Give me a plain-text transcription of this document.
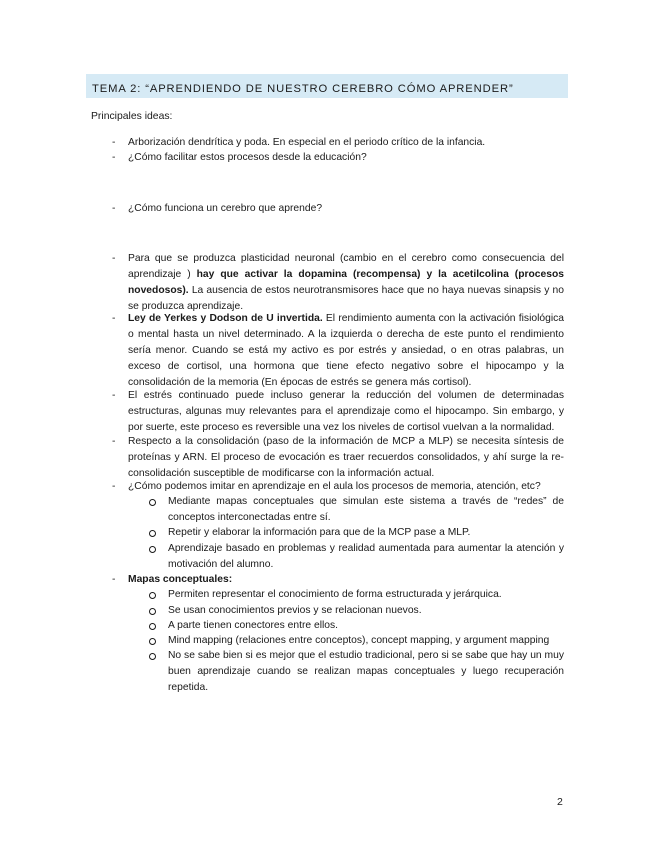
TEMA 2: “APRENDIENDO DE NUESTRO CEREBRO CÓMO APRENDER”
Principales ideas:
- Arborización dendrítica y poda. En especial en el periodo crítico de la infancia.

- ¿Cómo facilitar estos procesos desde la educación?

- ¿Cómo funciona un cerebro que aprende?

- Para que se produzca plasticidad neuronal (cambio en el cerebro como consecuencia del aprendizaje ) hay que activar la dopamina (recompensa) y la acetilcolina (procesos novedosos). La ausencia de estos neurotransmisores hace que no haya nuevas sinapsis y no se produzca aprendizaje.

- Ley de Yerkes y Dodson de U invertida. El rendimiento aumenta con la activación fisiológica o mental hasta un nivel determinado. A la izquierda o derecha de este punto el rendimiento sería menor. Cuando se está my activo es por estrés y ansiedad, o en otras palabras, un exceso de cortisol, una hormona que tiene efecto negativo sobre el hipocampo y la consolidación de la memoria (En épocas de estrés se genera más cortisol).

- El estrés continuado puede incluso generar la reducción del volumen de determinadas estructuras, algunas muy relevantes para el aprendizaje como el hipocampo. Sin embargo, y por suerte, este proceso es reversible una vez los niveles de cortisol vuelvan a la normalidad.

- Respecto a la consolidación (paso de la información de MCP a MLP) se necesita síntesis de proteínas y ARN. El proceso de evocación es traer recuerdos consolidados, y ahí surge la re-consolidación susceptible de modificarse con la información actual.

- ¿Cómo podemos imitar en aprendizaje en el aula los procesos de memoria, atención, etc?

Mediante mapas conceptuales que simulan este sistema a través de “redes” de conceptos interconectadas entre sí.

Repetir y elaborar la información para que de la MCP pase a MLP.

Aprendizaje basado en problemas y realidad aumentada para aumentar la atención y motivación del alumno.

- Mapas conceptuales:

Permiten representar el conocimiento de forma estructurada y jerárquica.

Se usan conocimientos previos y se relacionan nuevos.

A parte tienen conectores entre ellos.

Mind mapping (relaciones entre conceptos), concept mapping, y argument mapping

No se sabe bien si es mejor que el estudio tradicional, pero si se sabe que hay un muy buen aprendizaje cuando se realizan mapas conceptuales y luego recuperación repetida.

2
